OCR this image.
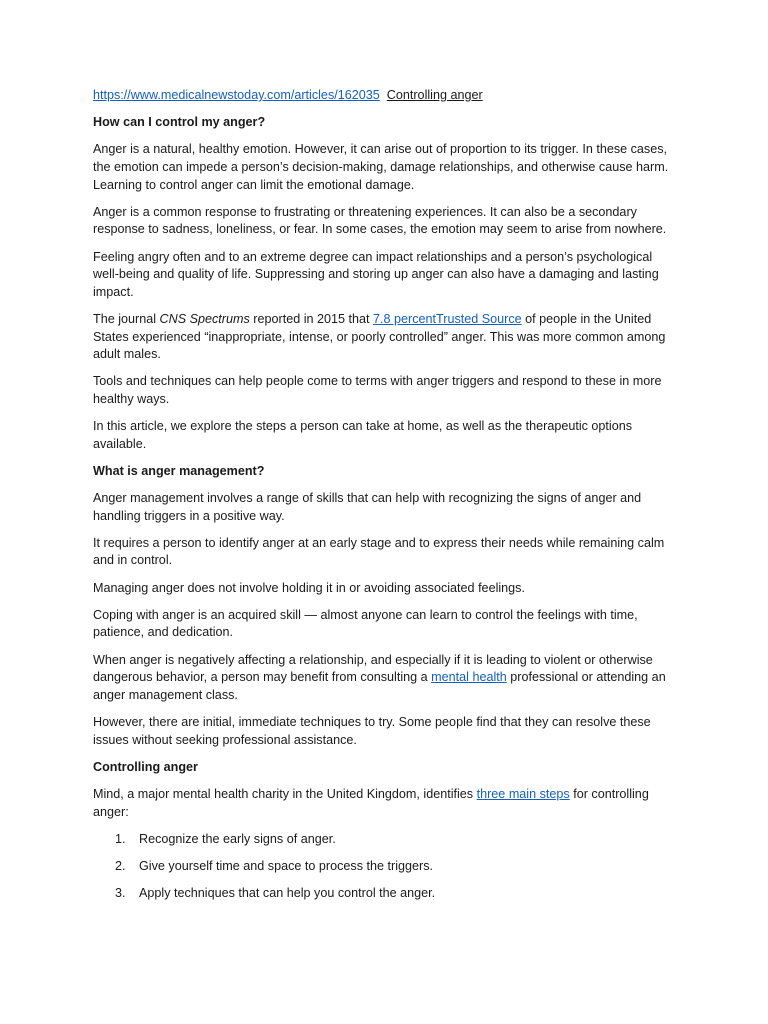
https://www.medicalnewstoday.com/articles/162035 Controlling anger

How can I control my anger?

Anger is a natural, healthy emotion. However, it can arise out of proportion to its trigger. In these cases, the emotion can impede a person’s decision-making, damage relationships, and otherwise cause harm. Learning to control anger can limit the emotional damage.

Anger is a common response to frustrating or threatening experiences. It can also be a secondary response to sadness, loneliness, or fear. In some cases, the emotion may seem to arise from nowhere.

Feeling angry often and to an extreme degree can impact relationships and a person’s psychological well-being and quality of life. Suppressing and storing up anger can also have a damaging and lasting impact.

The journal CNS Spectrums reported in 2015 that 7.8 percentTrusted Source of people in the United States experienced “inappropriate, intense, or poorly controlled” anger. This was more common among adult males.

Tools and techniques can help people come to terms with anger triggers and respond to these in more healthy ways.

In this article, we explore the steps a person can take at home, as well as the therapeutic options available.

What is anger management?

Anger management involves a range of skills that can help with recognizing the signs of anger and handling triggers in a positive way.

It requires a person to identify anger at an early stage and to express their needs while remaining calm and in control.

Managing anger does not involve holding it in or avoiding associated feelings.

Coping with anger is an acquired skill — almost anyone can learn to control the feelings with time, patience, and dedication.

When anger is negatively affecting a relationship, and especially if it is leading to violent or otherwise dangerous behavior, a person may benefit from consulting a mental health professional or attending an anger management class.

However, there are initial, immediate techniques to try. Some people find that they can resolve these issues without seeking professional assistance.

Controlling anger

Mind, a major mental health charity in the United Kingdom, identifies three main steps for controlling anger:

1. Recognize the early signs of anger.
2. Give yourself time and space to process the triggers.
3. Apply techniques that can help you control the anger.
